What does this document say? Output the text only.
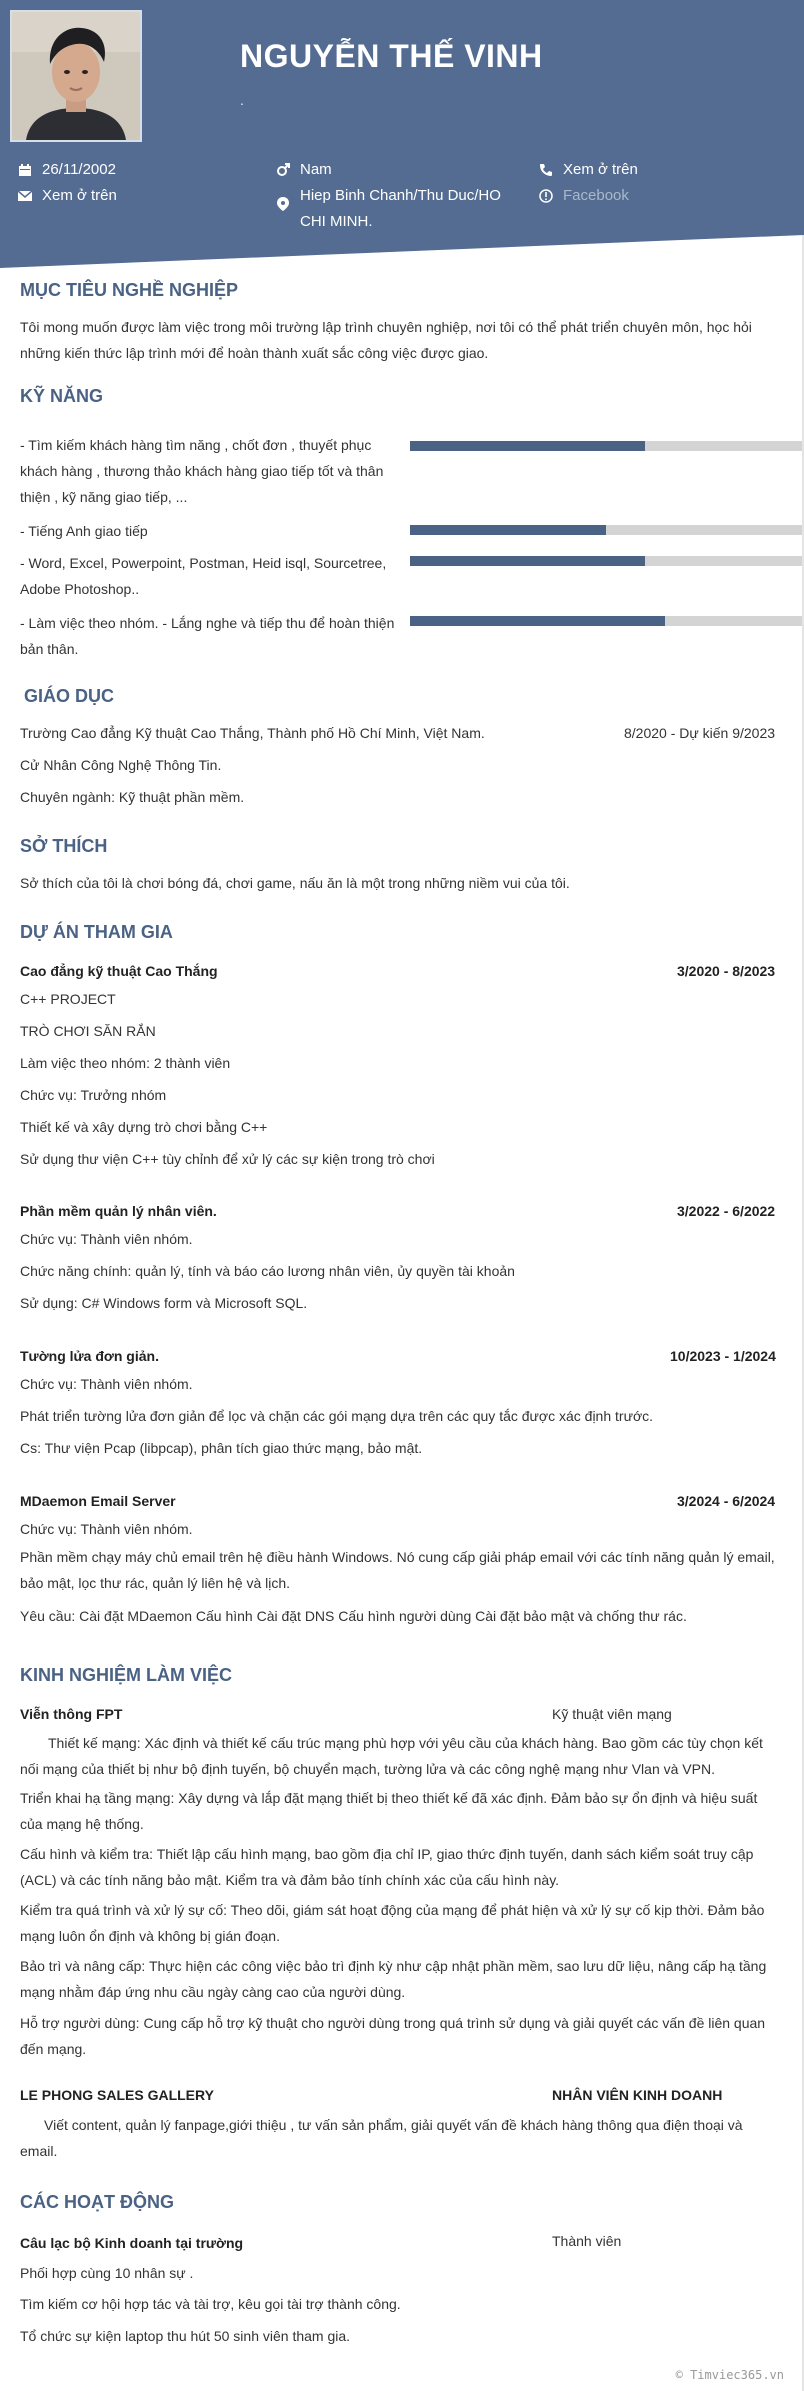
NGUYỄN THẾ VINH
.
26/11/2002
Xem ở trên
Nam
Hiep Binh Chanh/Thu Duc/HO CHI MINH.
Xem ở trên
Facebook
MỤC TIÊU NGHỀ NGHIỆP
Tôi mong muốn được làm việc trong môi trường lập trình chuyên nghiệp, nơi tôi có thể phát triển chuyên môn, học hỏi những kiến thức lập trình mới để hoàn thành xuất sắc công việc được giao.
KỸ NĂNG
- Tìm kiếm khách hàng tìm năng , chốt đơn , thuyết phục khách hàng , thương thảo khách hàng giao tiếp tốt và thân thiện , kỹ năng giao tiếp, ...
- Tiếng Anh giao tiếp
- Word, Excel, Powerpoint, Postman, Heid isql, Sourcetree, Adobe Photoshop..
- Làm việc theo nhóm. - Lắng nghe và tiếp thu để hoàn thiện bản thân.
GIÁO DỤC
Trường Cao đẳng Kỹ thuật Cao Thắng, Thành phố Hồ Chí Minh, Việt Nam.	8/2020 - Dự kiến 9/2023
Cử Nhân Công Nghệ Thông Tin.
Chuyên ngành: Kỹ thuật phần mềm.
SỞ THÍCH
Sở thích của tôi là chơi bóng đá, chơi game, nấu ăn là một trong những niềm vui của tôi.
DỰ ÁN THAM GIA
Cao đẳng kỹ thuật Cao Thắng	3/2020 - 8/2023
C++ PROJECT
TRÒ CHƠI SĂN RẮN
Làm việc theo nhóm: 2 thành viên
Chức vụ: Trưởng nhóm
Thiết kế và xây dựng trò chơi bằng C++
Sử dụng thư viện C++ tùy chỉnh để xử lý các sự kiện trong trò chơi
Phần mềm quản lý nhân viên.	3/2022 - 6/2022
Chức vụ: Thành viên nhóm.
Chức năng chính: quản lý, tính và báo cáo lương nhân viên, ủy quyền tài khoản
Sử dụng: C# Windows form và Microsoft SQL.
Tường lửa đơn giản.	10/2023 - 1/2024
Chức vụ: Thành viên nhóm.
Phát triển tường lửa đơn giản để lọc và chặn các gói mạng dựa trên các quy tắc được xác định trước.
Cs: Thư viện Pcap (libpcap), phân tích giao thức mạng, bảo mật.
MDaemon Email Server	3/2024 - 6/2024
Chức vụ: Thành viên nhóm.
Phần mềm chạy máy chủ email trên hệ điều hành Windows. Nó cung cấp giải pháp email với các tính năng quản lý email, bảo mật, lọc thư rác, quản lý liên hệ và lịch.
Yêu cầu: Cài đặt MDaemon Cấu hình Cài đặt DNS Cấu hình người dùng Cài đặt bảo mật và chống thư rác.
KINH NGHIỆM LÀM VIỆC
Viễn thông FPT	Kỹ thuật viên mạng
Thiết kế mạng: Xác định và thiết kế cấu trúc mạng phù hợp với yêu cầu của khách hàng. Bao gồm các tùy chọn kết nối mạng của thiết bị như bộ định tuyến, bộ chuyển mạch, tường lửa và các công nghệ mạng như Vlan và VPN.
Triển khai hạ tầng mạng: Xây dựng và lắp đặt mạng thiết bị theo thiết kế đã xác định. Đảm bảo sự ổn định và hiệu suất của mạng hệ thống.
Cấu hình và kiểm tra: Thiết lập cấu hình mạng, bao gồm địa chỉ IP, giao thức định tuyến, danh sách kiểm soát truy cập (ACL) và các tính năng bảo mật. Kiểm tra và đảm bảo tính chính xác của cấu hình này.
Kiểm tra quá trình và xử lý sự cố: Theo dõi, giám sát hoạt động của mạng để phát hiện và xử lý sự cố kịp thời. Đảm bảo mạng luôn ổn định và không bị gián đoạn.
Bảo trì và nâng cấp: Thực hiện các công việc bảo trì định kỳ như cập nhật phần mềm, sao lưu dữ liệu, nâng cấp hạ tầng mạng nhằm đáp ứng nhu cầu ngày càng cao của người dùng.
Hỗ trợ người dùng: Cung cấp hỗ trợ kỹ thuật cho người dùng trong quá trình sử dụng và giải quyết các vấn đề liên quan đến mạng.
LE PHONG SALES GALLERY	NHÂN VIÊN KINH DOANH
Viết content, quản lý fanpage,giới thiệu , tư vấn sản phẩm, giải quyết vấn đề khách hàng thông qua điện thoại và email.
CÁC HOẠT ĐỘNG
Câu lạc bộ Kinh doanh tại trường	Thành viên
Phối hợp cùng 10 nhân sự .
Tìm kiếm cơ hội hợp tác và tài trợ, kêu gọi tài trợ thành công.
Tổ chức sự kiện laptop thu hút 50 sinh viên tham gia.
© Timviec365.vn
